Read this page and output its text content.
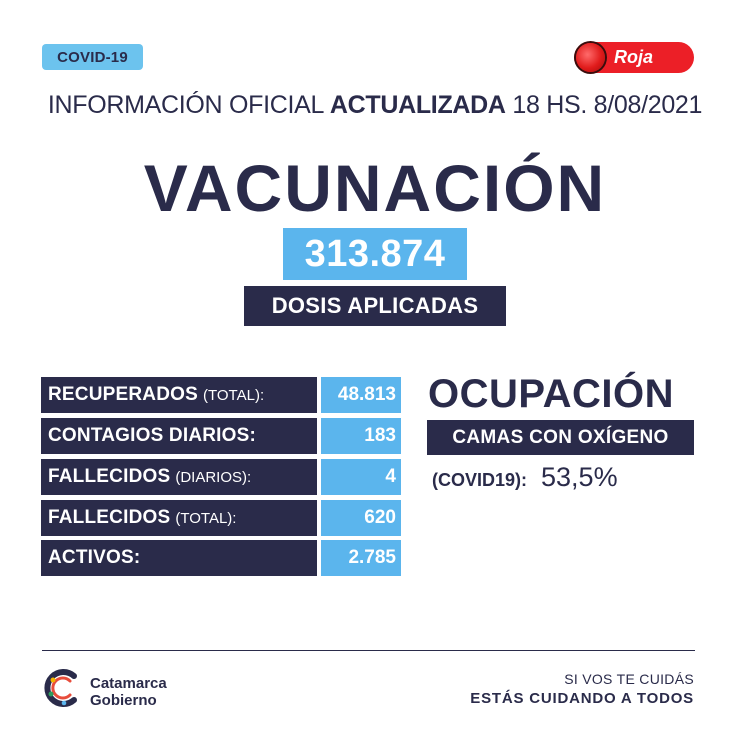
COVID-19	Roja
INFORMACIÓN OFICIAL ACTUALIZADA 18 HS. 8/08/2021
VACUNACIÓN
313.874
DOSIS APLICADAS
RECUPERADOS (TOTAL):	48.813
CONTAGIOS DIARIOS:	183
FALLECIDOS (DIARIOS):	4
FALLECIDOS (TOTAL):	620
ACTIVOS :	2.785
OCUPACIÓN
CAMAS CON OXÍGENO
(COVID19): 53,5%
Catamarca
Gobierno
SI VOS TE CUIDÁS
ESTÁS CUIDANDO A TODOS
